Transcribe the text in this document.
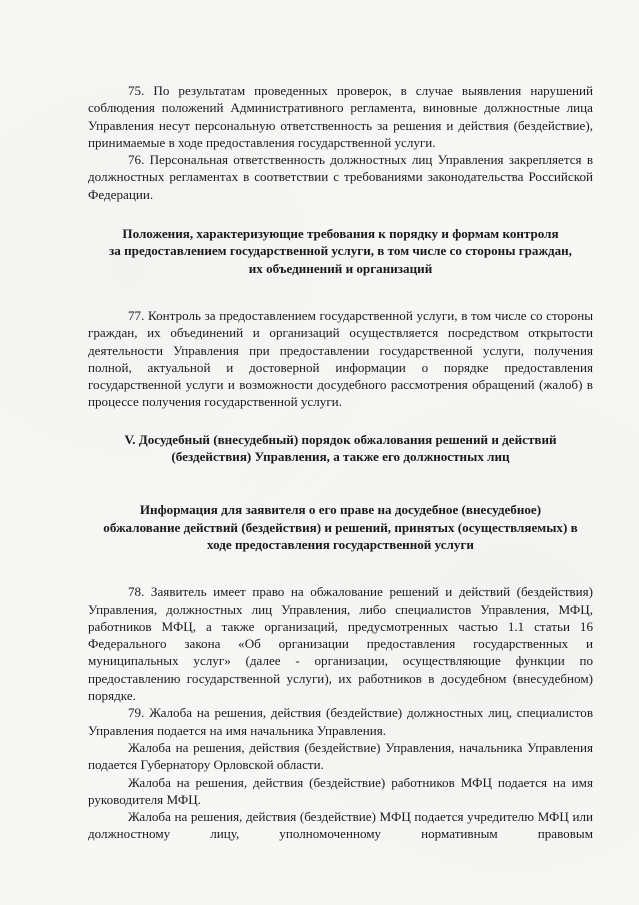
75. По результатам проведенных проверок, в случае выявления нарушений соблюдения положений Административного регламента, виновные должностные лица Управления несут персональную ответственность за решения и действия (бездействие), принимаемые в ходе предоставления государственной услуги.

76. Персональная ответственность должностных лиц Управления закрепляется в должностных регламентах в соответствии с требованиями законодательства Российской Федерации.

Положения, характеризующие требования к порядку и формам контроля
за предоставлением государственной услуги, в том числе со стороны граждан,
их объединений и организаций

77. Контроль за предоставлением государственной услуги, в том числе со стороны граждан, их объединений и организаций осуществляется посредством открытости деятельности Управления при предоставлении государственной услуги, получения полной, актуальной и достоверной информации о порядке предоставления государственной услуги и возможности досудебного рассмотрения обращений (жалоб) в процессе получения государственной услуги.

V. Досудебный (внесудебный) порядок обжалования решений и действий
(бездействия) Управления, а также его должностных лиц
Информация для заявителя о его праве на досудебное (внесудебное)
обжалование действий (бездействия) и решений, принятых (осуществляемых) в
ходе предоставления государственной услуги

78. Заявитель имеет право на обжалование решений и действий (бездействия) Управления, должностных лиц Управления, либо специалистов Управления, МФЦ, работников МФЦ, а также организаций, предусмотренных частью 1.1 статьи 16 Федерального закона «Об организации предоставления государственных и муниципальных услуг» (далее - организации, осуществляющие функции по предоставлению государственной услуги), их работников в досудебном (внесудебном) порядке.

79. Жалоба на решения, действия (бездействие) должностных лиц, специалистов Управления подается на имя начальника Управления.

Жалоба на решения, действия (бездействие) Управления, начальника Управления подается Губернатору Орловской области.

Жалоба на решения, действия (бездействие) работников МФЦ подается на имя руководителя МФЦ.

Жалоба на решения, действия (бездействие) МФЦ подается учредителю МФЦ или должностному лицу, уполномоченному нормативным правовым
